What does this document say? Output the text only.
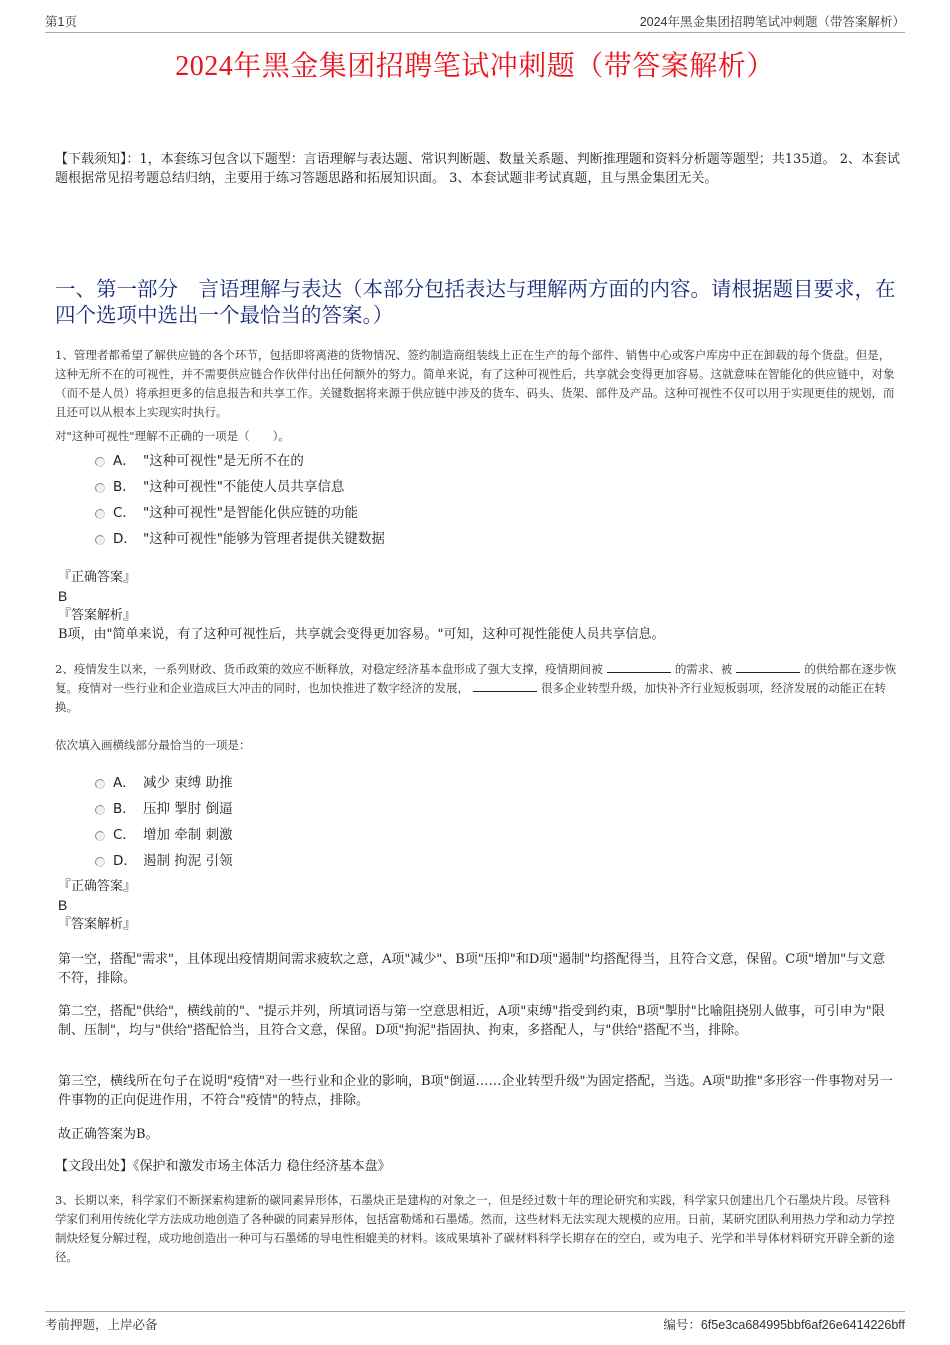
第1页	2024年黑金集团招聘笔试冲刺题（带答案解析）
2024年黑金集团招聘笔试冲刺题（带答案解析）
【下载须知】：1，本套练习包含以下题型：言语理解与表达题、常识判断题、数量关系题、判断推理题和资料分析题等题型；共135道。 2、本套试题根据常见招考题总结归纳，主要用于练习答题思路和拓展知识面。 3、本套试题非考试真题，且与黑金集团无关。
一、第一部分　言语理解与表达（本部分包括表达与理解两方面的内容。请根据题目要求，在四个选项中选出一个最恰当的答案。）
1、管理者都希望了解供应链的各个环节，包括即将离港的货物情况、签约制造商组装线上正在生产的每个部件、销售中心或客户库房中正在卸载的每个货盘。但是，这种无所不在的可视性，并不需要供应链合作伙伴付出任何额外的努力。简单来说，有了这种可视性后，共享就会变得更加容易。这就意味在智能化的供应链中，对象（而不是人员）将承担更多的信息报告和共享工作。关键数据将来源于供应链中涉及的货车、码头、货架、部件及产品。这种可视性不仅可以用于实现更佳的规划，而且还可以从根本上实现实时执行。
对"这种可视性"理解不正确的一项是（　　）。
A． "这种可视性"是无所不在的
B． "这种可视性"不能使人员共享信息
C． "这种可视性"是智能化供应链的功能
D． "这种可视性"能够为管理者提供关键数据
『正确答案』
B
『答案解析』
B项，由"简单来说，有了这种可视性后，共享就会变得更加容易。"可知，这种可视性能使人员共享信息。
2、疫情发生以来，一系列财政、货币政策的效应不断释放，对稳定经济基本盘形成了强大支撑，疫情期间被	的需求、被	的供给都在逐步恢复。疫情对一些行业和企业造成巨大冲击的同时，也加快推进了数字经济的发展，	很多企业转型升级，加快补齐行业短板弱项，经济发展的动能正在转换。
依次填入画横线部分最恰当的一项是：
A． 减少 束缚 助推
B． 压抑 掣肘 倒逼
C． 增加 牵制 刺激
D． 遏制 拘泥 引领
『正确答案』
B
『答案解析』
第一空，搭配"需求"，且体现出疫情期间需求疲软之意，A项"减少"、B项"压抑"和D项"遏制"均搭配得当，且符合文意，保留。C项"增加"与文意不符，排除。
第二空，搭配"供给"，横线前的"、"提示并列，所填词语与第一空意思相近，A项"束缚"指受到约束，B项"掣肘"比喻阻挠别人做事，可引申为"限制、压制"，均与"供给"搭配恰当，且符合文意，保留。D项"拘泥"指固执、拘束，多搭配人，与"供给"搭配不当，排除。
第三空，横线所在句子在说明"疫情"对一些行业和企业的影响，B项"倒逼……企业转型升级"为固定搭配，当选。A项"助推"多形容一件事物对另一件事物的正向促进作用，不符合"疫情"的特点，排除。
故正确答案为B。
【文段出处】《保护和激发市场主体活力 稳住经济基本盘》
3、长期以来，科学家们不断探索构建新的碳同素异形体，石墨炔正是建构的对象之一，但是经过数十年的理论研究和实践，科学家只创建出几个石墨炔片段。尽管科学家们利用传统化学方法成功地创造了各种碳的同素异形体，包括富勒烯和石墨烯。然而，这些材料无法实现大规模的应用。日前，某研究团队利用热力学和动力学控制炔烃复分解过程，成功地创造出一种可与石墨烯的导电性相媲美的材料。该成果填补了碳材料科学长期存在的空白，或为电子、光学和半导体材料研究开辟全新的途径。
考前押题，上岸必备	编号：6f5e3ca684995bbf6af26e6414226bff
